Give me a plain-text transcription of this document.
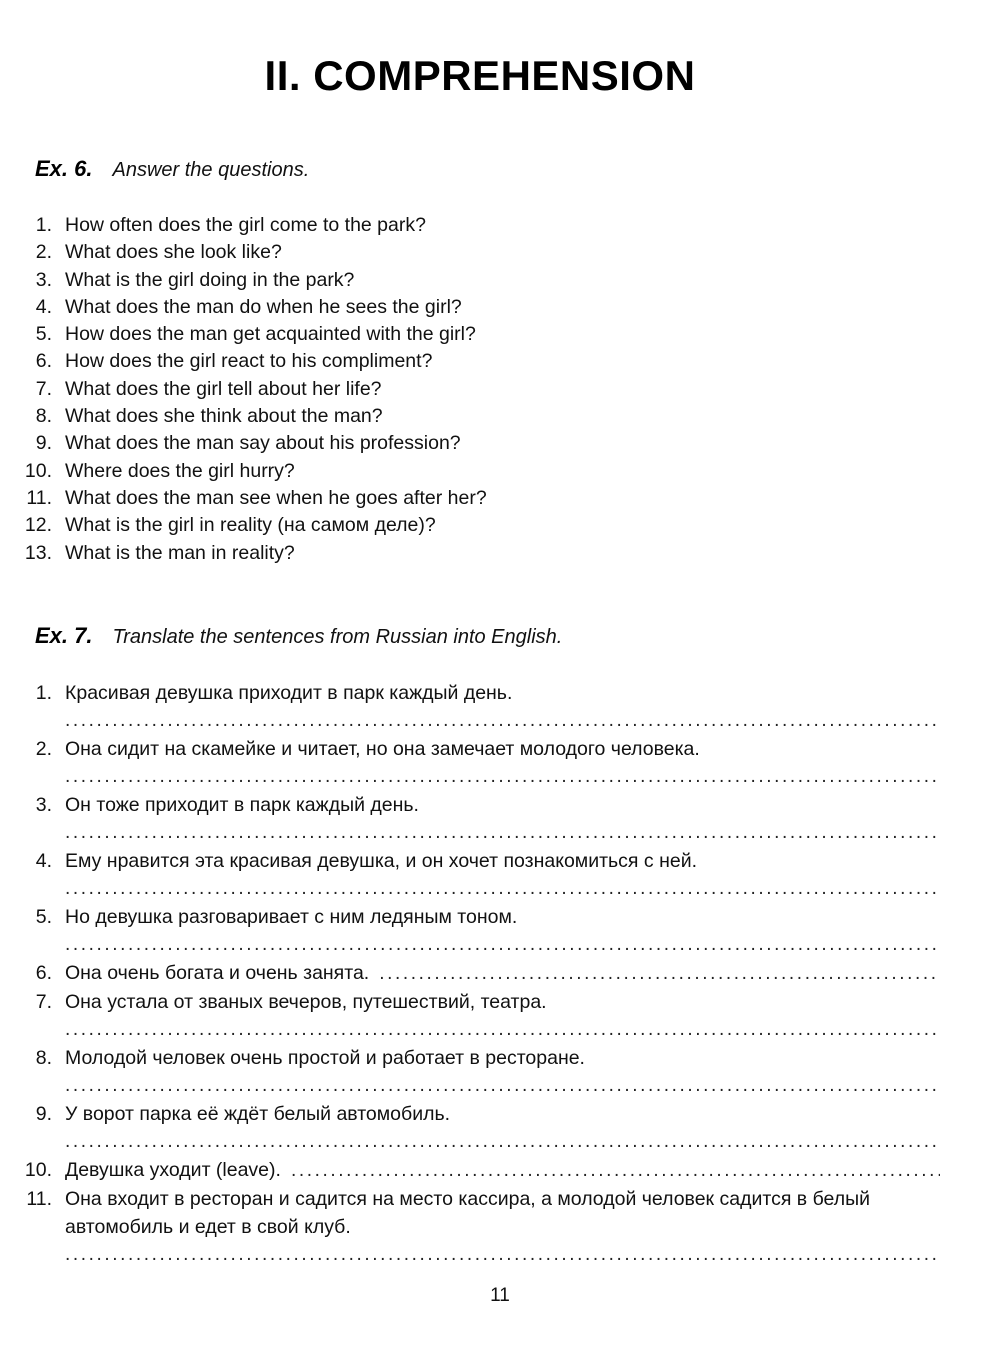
II. COMPREHENSION
Ex. 6. Answer the questions.
1. How often does the girl come to the park?
2. What does she look like?
3. What is the girl doing in the park?
4. What does the man do when he sees the girl?
5. How does the man get acquainted with the girl?
6. How does the girl react to his compliment?
7. What does the girl tell about her life?
8. What does she think about the man?
9. What does the man say about his profession?
10. Where does the girl hurry?
11. What does the man see when he goes after her?
12. What is the girl in reality (на самом деле)?
13. What is the man in reality?
Ex. 7. Translate the sentences from Russian into English.
1. Красивая девушка приходит в парк каждый день.
.....
2. Она сидит на скамейке и читает, но она замечает молодого человека.
.....
3. Он тоже приходит в парк каждый день.
.....
4. Ему нравится эта красивая девушка, и он хочет познакомиться с ней.
.....
5. Но девушка разговаривает с ним ледяным тоном.
.....
6. Она очень богата и очень занята.
.....
7. Она устала от званых вечеров, путешествий, театра.
.....
8. Молодой человек очень простой и работает в ресторане.
.....
9. У ворот парка её ждёт белый автомобиль.
.....
10. Девушка уходит (leave).
.....
11. Она входит в ресторан и садится на место кассира, а молодой человек садится в белый автомобиль и едет в свой клуб.
.....
11
